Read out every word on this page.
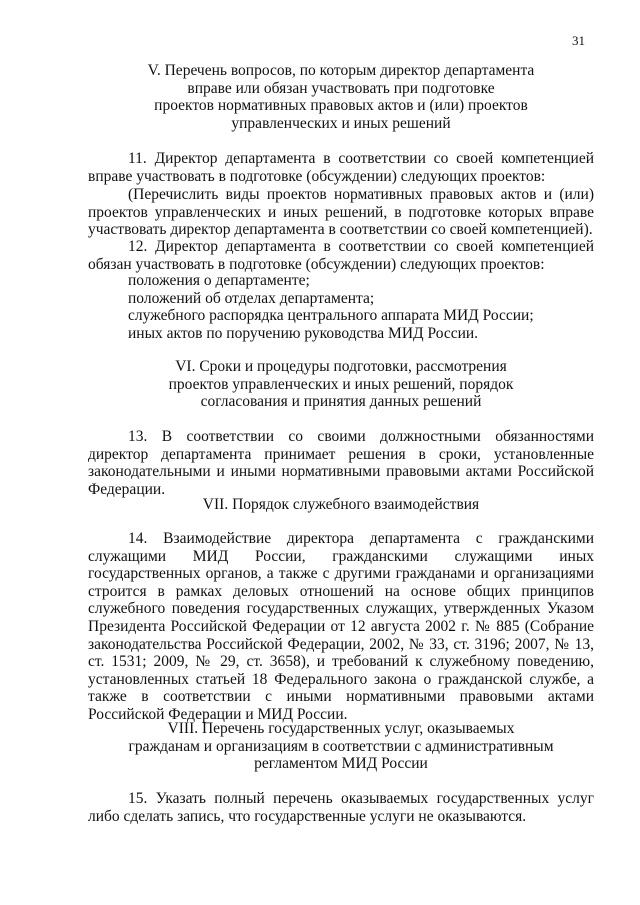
31
V. Перечень вопросов, по которым директор департамента
вправе или обязан участвовать при подготовке
проектов нормативных правовых актов и (или) проектов
управленческих и иных решений
11. Директор департамента в соответствии со своей компетенцией вправе участвовать в подготовке (обсуждении) следующих проектов:
(Перечислить виды проектов нормативных правовых актов и (или) проектов управленческих и иных решений, в подготовке которых вправе участвовать директор департамента в соответствии со своей компетенцией).
12. Директор департамента в соответствии со своей компетенцией обязан участвовать в подготовке (обсуждении) следующих проектов:
положения о департаменте;
положений об отделах департамента;
служебного распорядка центрального аппарата МИД России;
иных актов по поручению руководства МИД России.
VI. Сроки и процедуры подготовки, рассмотрения
проектов управленческих и иных решений, порядок
согласования и принятия данных решений
13. В соответствии со своими должностными обязанностями директор департамента принимает решения в сроки, установленные законодательными и иными нормативными правовыми актами Российской Федерации.
VII. Порядок служебного взаимодействия
14. Взаимодействие директора департамента с гражданскими служащими МИД России, гражданскими служащими иных государственных органов, а также с другими гражданами и организациями строится в рамках деловых отношений на основе общих принципов служебного поведения государственных служащих, утвержденных Указом Президента Российской Федерации от 12 августа 2002 г. № 885 (Собрание законодательства Российской Федерации, 2002, № 33, ст. 3196; 2007, № 13, ст. 1531; 2009, № 29, ст. 3658), и требований к служебному поведению, установленных статьей 18 Федерального закона о гражданской службе, а также в соответствии с иными нормативными правовыми актами Российской Федерации и МИД России.
VIII. Перечень государственных услуг, оказываемых
гражданам и организациям в соответствии с административным
регламентом МИД России
15. Указать полный перечень оказываемых государственных услуг либо сделать запись, что государственные услуги не оказываются.
